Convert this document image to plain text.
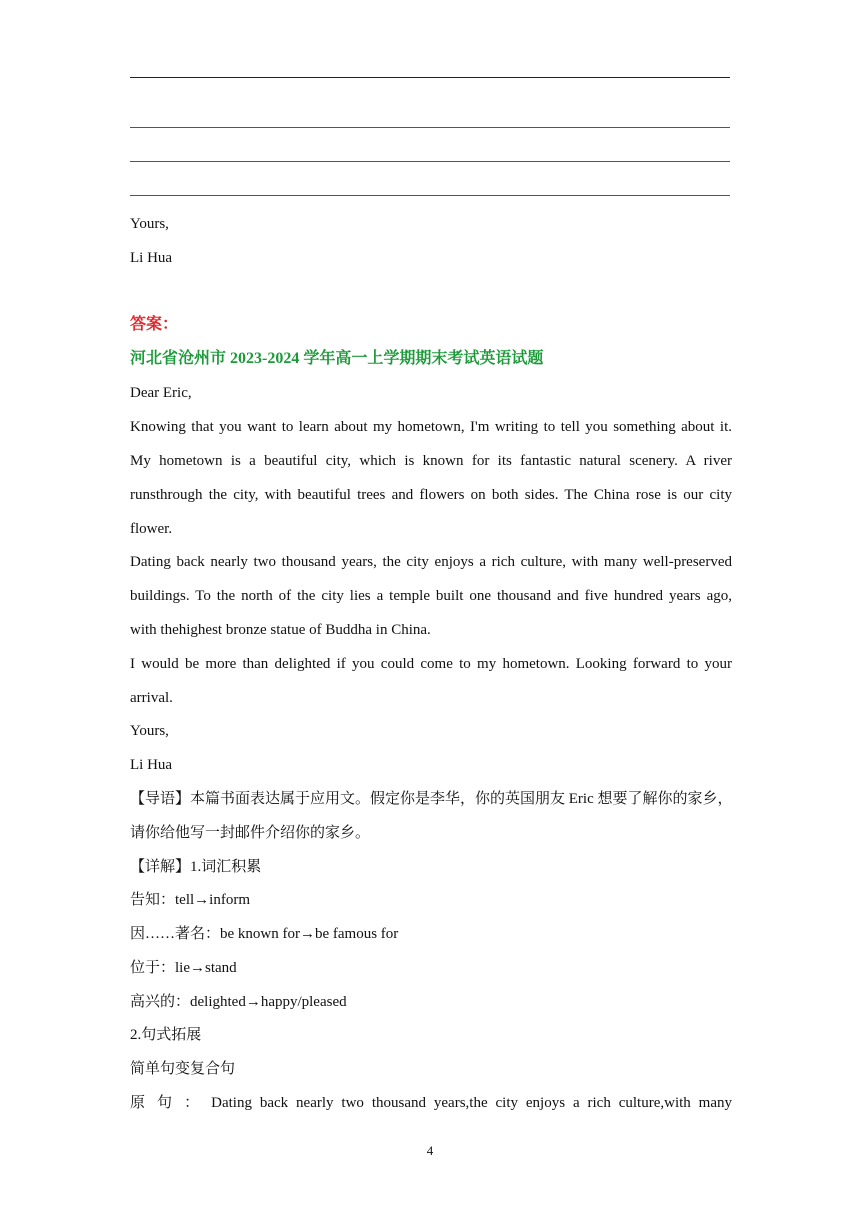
Yours,
Li Hua
答案：
河北省沧州市 2023-2024 学年高一上学期期末考试英语试题
Dear Eric,
Knowing that you want to learn about my hometown, I'm writing to tell you something about it.
My hometown is a beautiful city, which is known for its fantastic natural scenery. A river
runsthrough the city, with beautiful trees and flowers on both sides. The China rose is our city
flower.
Dating back nearly two thousand years, the city enjoys a rich culture, with many well-preserved
buildings. To the north of the city lies a temple built one thousand and five hundred years ago,
with thehighest bronze statue of Buddha in China.
I would be more than delighted if you could come to my hometown. Looking forward to your
arrival.
Yours,
Li Hua
【导语】本篇书面表达属于应用文。假定你是李华，你的英国朋友 Eric 想要了解你的家乡，
请你给他写一封邮件介绍你的家乡。
【详解】1.词汇积累
告知：tell→inform
因……著名：be known for→be famous for
位于：lie→stand
高兴的：delighted→happy/pleased
2.句式拓展
简单句变复合句
原 句 ： Dating back nearly two thousand years,the city enjoys a rich culture,with many
4
